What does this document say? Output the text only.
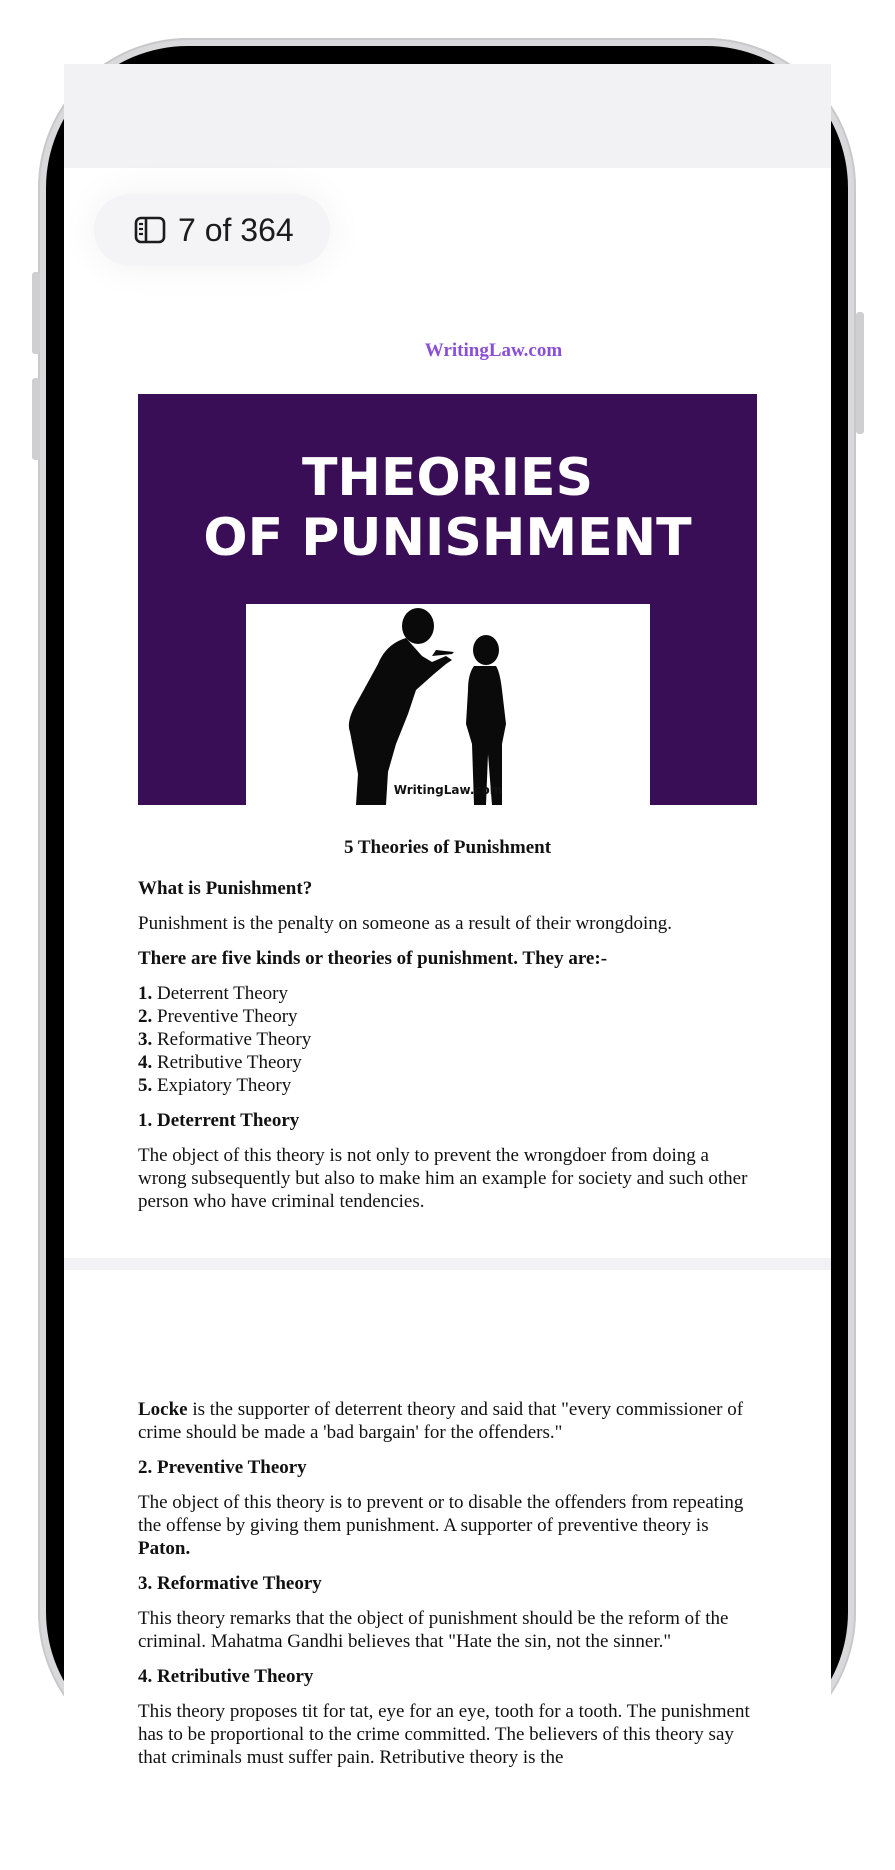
WritingLaw.com
THEORIES
OF PUNISHMENT
WritingLaw.com

5 Theories of Punishment

What is Punishment?

Punishment is the penalty on someone as a result of their wrongdoing.

There are five kinds or theories of punishment. They are:-

1. Deterrent Theory

2. Preventive Theory

3. Reformative Theory

4. Retributive Theory

5. Expiatory Theory

1. Deterrent Theory

The object of this theory is not only to prevent the wrongdoer from doing a wrong subsequently but also to make him an example for society and such other person who have criminal tendencies.

Locke is the supporter of deterrent theory and said that "every commissioner of crime should be made a 'bad bargain' for the offenders."

2. Preventive Theory

The object of this theory is to prevent or to disable the offenders from repeating the offense by giving them punishment. A supporter of preventive theory is Paton.

3. Reformative Theory

This theory remarks that the object of punishment should be the reform of the criminal. Mahatma Gandhi believes that "Hate the sin, not the sinner."

4. Retributive Theory

This theory proposes tit for tat, eye for an eye, tooth for a tooth. The punishment has to be proportional to the crime committed. The believers of this theory say that criminals must suffer pain. Retributive theory is the

7 of 364
